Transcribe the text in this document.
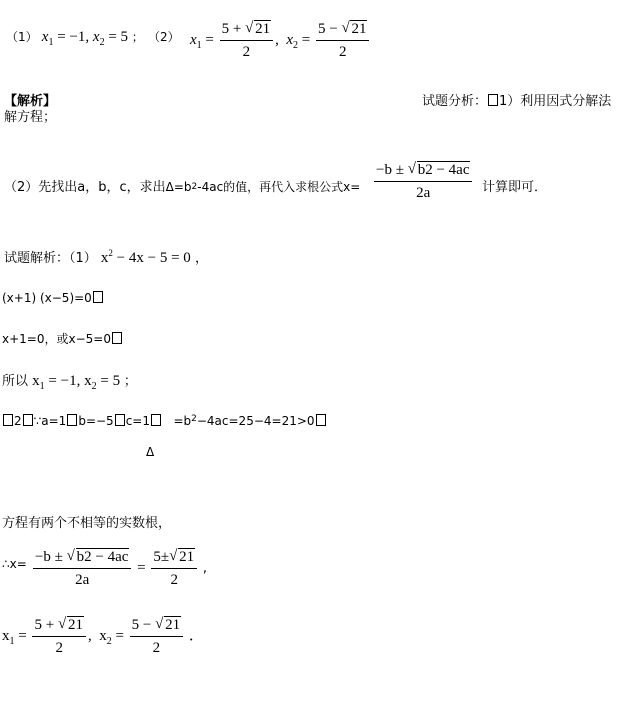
（1） $x_1 = -1$, $x_2 = 5$ ； （2） $x_1 = \frac{5 + √ 21}{2}$ , $x_2 = \frac{5 - √ 21}{2}$
【解析】	试题分析： 1）利用因式分解法
解方程；
（2）先找出a，b，c，求出Δ=b2-4ac的值，再代入求根公式$x= \frac{-b \pm √ b2 - 4ac}{2a}$ 计算即可．
试题解析：（1） $x^2 - 4x - 5 = 0$ ，
(x+1) (x−5)=0
x+1=0，或x−5=0
所以 $x_1 = -1$, $x_2 = 5$ ；
2 ∵a=1 b=−5 $c=1 =b^2-4ac=25-4=21>0$
Δ
方程有两个不相等的实数根，
∴x= $\frac{-b \pm √ b2 - 4ac}{2a} = \frac{5\pm √ 21}{2}$ ,
$x_1 = \frac{5 + √ 21}{2}$ , $x_2 = \frac{5 - √ 21}{2}$ ．
